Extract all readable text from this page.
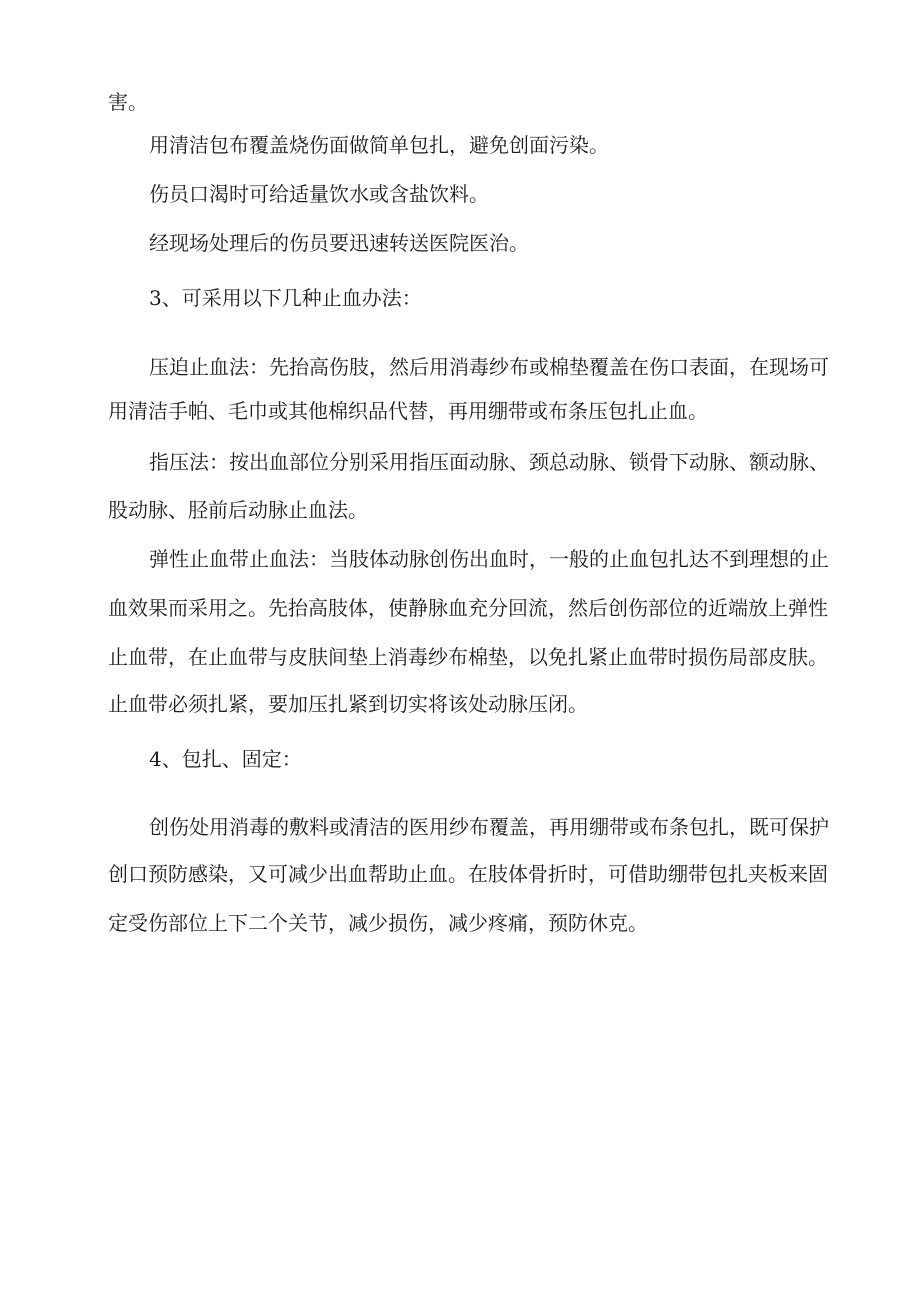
害。
用清洁包布覆盖烧伤面做简单包扎，避免创面污染。
伤员口渴时可给适量饮水或含盐饮料。
经现场处理后的伤员要迅速转送医院医治。
3、可采用以下几种止血办法：
压迫止血法：先抬高伤肢，然后用消毒纱布或棉垫覆盖在伤口表面，在现场可
用清洁手帕、毛巾或其他棉织品代替，再用绷带或布条压包扎止血。
指压法：按出血部位分别采用指压面动脉、颈总动脉、锁骨下动脉、额动脉、
股动脉、胫前后动脉止血法。
弹性止血带止血法：当肢体动脉创伤出血时，一般的止血包扎达不到理想的止
血效果而采用之。先抬高肢体，使静脉血充分回流，然后创伤部位的近端放上弹性
止血带，在止血带与皮肤间垫上消毒纱布棉垫，以免扎紧止血带时损伤局部皮肤。
止血带必须扎紧，要加压扎紧到切实将该处动脉压闭。
4、包扎、固定：
创伤处用消毒的敷料或清洁的医用纱布覆盖，再用绷带或布条包扎，既可保护
创口预防感染，又可减少出血帮助止血。在肢体骨折时，可借助绷带包扎夹板来固
定受伤部位上下二个关节，减少损伤，减少疼痛，预防休克。
